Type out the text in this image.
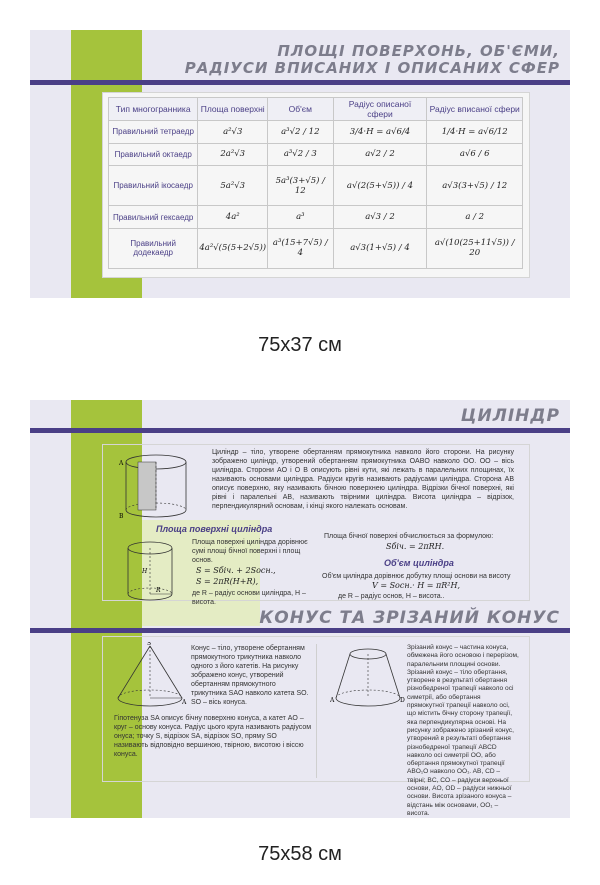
ПЛОЩІ ПОВЕРХОНЬ, ОБ'ЄМИ,
РАДІУСИ ВПИСАНИХ І ОПИСАНИХ СФЕР
Тип многогранника	Площа поверхні	Об'єм	Радіус описаної сфери	Радіус вписаної сфери
Правильний тетраедр	a²√3	a³√2 / 12	3/4·H = a√6/4	1/4·H = a√6/12
Правильний октаедр	2a²√3	a³√2 / 3	a√2 / 2	a√6 / 6
Правильний ікосаедр	5a²√3	5a³(3+√5) / 12	a√(2(5+√5)) / 4	a√3(3+√5) / 12
Правильний гексаедр	4a²	a³	a√3 / 2	a / 2
Правильний додекаедр	4a²√(5(5+2√5))	a³(15+7√5) / 4	a√3(1+√5) / 4	a√(10(25+11√5)) / 20
75x37 см
ЦИЛІНДР
КОНУС ТА ЗРІЗАНИЙ КОНУС
A
B
Циліндр – тіло, утворене обертанням прямокутника навколо його сторони. На рисунку зображено циліндр, утворений обертанням прямокутника OABO навколо OO. OO – вісь циліндра. Сторони AO і O B описують рівні кути, які лежать в паралельних площинах, їх називають основами циліндра. Радіуси кругів називають радіусами циліндра. Сторона AB описує поверхню, яку називають бічною поверхнею циліндра. Відрізки бічної поверхні, які рівні і паралельні AB, називають твірними циліндра. Висота циліндра – відрізок, перпендикулярний основам, і кінці якого належать основам.
Площа поверхні циліндра
H
R
Площа поверхні циліндра дорівнює сумі площі бічної поверхні і площ основ.
S = Sбіч. + 2Sосн.,
S = 2πR(H+R),
де R – радіус основи циліндра, H – висота.
Площа бічної поверхні обчислюється за формулою:
Sбіч. = 2πRH.
Об'єм циліндра
Об'єм циліндра дорівнює добутку площі основи на висоту
V = Sосн.· H = πR²H,
де R – радіус основ, H – висота..
S
A
Конус – тіло, утворене обертанням прямокутного трикутника навколо одного з його катетів. На рисунку зображено конус, утворений обертанням прямокутного трикутника SAO навколо катета SO. SO – вісь конуса.
Гіпотенуза SA описує бічну поверхню конуса, а катет AO – круг – основу конуса. Радіус цього круга називають радіусом онуса; точку S, відрізок SA, відрізок SO, пряму SO називають відповідно вершиною, твірною, висотою і віссю конуса.
A	D
Зрізаний конус – частина конуса, обмежена його основою і перерізом, паралельним площині основи. Зрізаний конус – тіло обертання, утворене в результаті обертання різнобедреної трапеції навколо осі симетрії, або обертання прямокутної трапеції навколо осі, що містить бічну сторону трапеції, яка перпендикулярна основі. На рисунку зображено зрізаний конус, утворений в результаті обертання різнобедреної трапеції ABCD навколо осі симетрії OO, або обертання прямокутної трапеції ABO₁O навколо OO₁. AB, CD – твірні; BC, CO – радіуси верхньої основи, AO, OD – радіуси нижньої основи. Висота зрізаного конуса – відстань між основами, OO₁ – висота.
75x58 см
